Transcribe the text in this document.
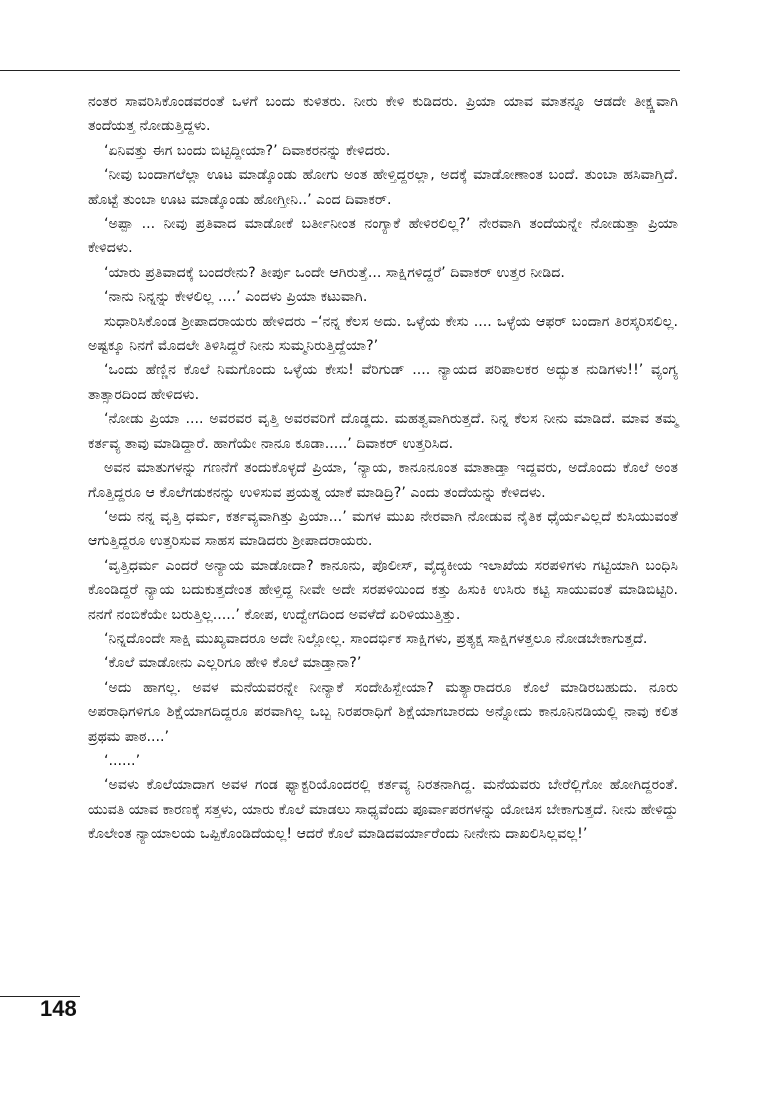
ನಂತರ ಸಾವರಿಸಿಕೊಂಡವರಂತೆ ಒಳಗೆ ಬಂದು ಕುಳಿತರು. ನೀರು ಕೇಳಿ ಕುಡಿದರು. ಪ್ರಿಯಾ ಯಾವ ಮಾತನ್ನೂ ಆಡದೇ ತೀಕ್ಷ್ಣವಾಗಿ ತಂದೆಯತ್ತ ನೋಡುತ್ತಿದ್ದಳು.

‘ಏನಿವತ್ತು ಈಗ ಬಂದು ಬಿಟ್ಟಿದ್ದೀಯಾ?’ ದಿವಾಕರನನ್ನು ಕೇಳಿದರು.

‘ನೀವು ಬಂದಾಗಲೆಲ್ಲಾ ಊಟ ಮಾಡ್ಕೊಂಡು ಹೋಗು ಅಂತ ಹೇಳ್ತಿದ್ದರಲ್ಲಾ, ಅದಕ್ಕೆ ಮಾಡೋಣಾಂತ ಬಂದೆ. ತುಂಬಾ ಹಸಿವಾಗ್ತಿದೆ. ಹೊಟ್ಟೆ ತುಂಬಾ ಊಟ ಮಾಡ್ಕೊಂಡು ಹೋಗ್ತೀನಿ..’ ಎಂದ ದಿವಾಕರ್.

‘ಅಪ್ಪಾ ... ನೀವು ಪ್ರತಿವಾದ ಮಾಡೋಕೆ ಬರ್ತೀನೀಂತ ನಂಗ್ಯಾಕೆ ಹೇಳಿರಲಿಲ್ಲ?’ ನೇರವಾಗಿ ತಂದೆಯನ್ನೇ ನೋಡುತ್ತಾ ಪ್ರಿಯಾ ಕೇಳಿದಳು.

‘ಯಾರು ಪ್ರತಿವಾದಕ್ಕೆ ಬಂದರೇನು? ತೀರ್ಪು ಒಂದೇ ಆಗಿರುತ್ತೆ... ಸಾಕ್ಷಿಗಳಿದ್ದರೆ’ ದಿವಾಕರ್ ಉತ್ತರ ನೀಡಿದ.

‘ನಾನು ನಿನ್ನನ್ನು ಕೇಳಲಿಲ್ಲ ....’ ಎಂದಳು ಪ್ರಿಯಾ ಕಟುವಾಗಿ.

ಸುಧಾರಿಸಿಕೊಂಡ ಶ್ರೀಪಾದರಾಯರು ಹೇಳಿದರು –‘ನನ್ನ ಕೆಲಸ ಅದು. ಒಳ್ಳೆಯ ಕೇಸು .... ಒಳ್ಳೆಯ ಆಫರ್ ಬಂದಾಗ ತಿರಸ್ಕರಿಸಲಿಲ್ಲ. ಅಷ್ಟಕ್ಕೂ ನಿನಗೆ ಮೊದಲೇ ತಿಳಿಸಿದ್ದರೆ ನೀನು ಸುಮ್ಮನಿರುತ್ತಿದ್ದೆಯಾ?’

‘ಒಂದು ಹೆಣ್ಣಿನ ಕೊಲೆ ನಿಮಗೊಂದು ಒಳ್ಳೆಯ ಕೇಸು! ವೆರಿಗುಡ್ .... ನ್ಯಾಯದ ಪರಿಪಾಲಕರ ಅದ್ಭುತ ನುಡಿಗಳು!!’ ವ್ಯಂಗ್ಯ ತಾತ್ಸಾರದಿಂದ ಹೇಳಿದಳು.

‘ನೋಡು ಪ್ರಿಯಾ .... ಅವರವರ ವೃತ್ತಿ ಅವರವರಿಗೆ ದೊಡ್ಡದು. ಮಹತ್ವವಾಗಿರುತ್ತದೆ. ನಿನ್ನ ಕೆಲಸ ನೀನು ಮಾಡಿದೆ. ಮಾವ ತಮ್ಮ ಕರ್ತವ್ಯ ತಾವು ಮಾಡಿದ್ದಾರೆ. ಹಾಗೆಯೇ ನಾನೂ ಕೂಡಾ.....’ ದಿವಾಕರ್ ಉತ್ತರಿಸಿದ.

ಅವನ ಮಾತುಗಳನ್ನು ಗಣನೆಗೆ ತಂದುಕೊಳ್ಳದೆ ಪ್ರಿಯಾ, ‘ನ್ಯಾಯ, ಕಾನೂನೂಂತ ಮಾತಾಡ್ತಾ ಇದ್ದವರು, ಅದೊಂದು ಕೊಲೆ ಅಂತ ಗೊತ್ತಿದ್ದರೂ ಆ ಕೊಲೆಗಡುಕನನ್ನು ಉಳಿಸುವ ಪ್ರಯತ್ನ ಯಾಕೆ ಮಾಡಿದ್ರಿ?’ ಎಂದು ತಂದೆಯನ್ನು ಕೇಳಿದಳು.

‘ಅದು ನನ್ನ ವೃತ್ತಿ ಧರ್ಮ, ಕರ್ತವ್ಯವಾಗಿತ್ತು ಪ್ರಿಯಾ...’ ಮಗಳ ಮುಖ ನೇರವಾಗಿ ನೋಡುವ ನೈತಿಕ ಧೈರ್ಯವಿಲ್ಲದೆ ಕುಸಿಯುವಂತೆ ಆಗುತ್ತಿದ್ದರೂ ಉತ್ತರಿಸುವ ಸಾಹಸ ಮಾಡಿದರು ಶ್ರೀಪಾದರಾಯರು.

‘ವೃತ್ತಿಧರ್ಮ ಎಂದರೆ ಅನ್ಯಾಯ ಮಾಡೋದಾ? ಕಾನೂನು, ಪೊಲೀಸ್, ವೈದ್ಯಕೀಯ ಇಲಾಖೆಯ ಸರಪಳಿಗಳು ಗಟ್ಟಿಯಾಗಿ ಬಂಧಿಸಿ ಕೊಂಡಿದ್ದರೆ ನ್ಯಾಯ ಬದುಕುತ್ತದೇಂತ ಹೇಳ್ತಿದ್ದ ನೀವೇ ಅದೇ ಸರಪಳಿಯಿಂದ ಕತ್ತು ಹಿಸುಕಿ ಉಸಿರು ಕಟ್ಟಿ ಸಾಯುವಂತೆ ಮಾಡಿಬಿಟ್ಟಿರಿ. ನನಗೆ ನಂಬಿಕೆಯೇ ಬರುತ್ತಿಲ್ಲ.....’ ಕೋಪ, ಉದ್ವೇಗದಿಂದ ಅವಳೆದೆ ಏರಿಳಿಯುತ್ತಿತ್ತು.

‘ನಿನ್ನದೊಂದೇ ಸಾಕ್ಷಿ ಮುಖ್ಯವಾದರೂ ಅದೇ ನಿಲ್ಲೋಲ್ಲ. ಸಾಂದರ್ಭಿಕ ಸಾಕ್ಷಿಗಳು, ಪ್ರತ್ಯಕ್ಷ ಸಾಕ್ಷಿಗಳತ್ತಲೂ ನೋಡಬೇಕಾಗುತ್ತದೆ.

‘ಕೊಲೆ ಮಾಡೋನು ಎಲ್ಲರಿಗೂ ಹೇಳಿ ಕೊಲೆ ಮಾಡ್ತಾನಾ?’

‘ಅದು ಹಾಗಲ್ಲ. ಅವಳ ಮನೆಯವರನ್ನೇ ನೀನ್ಯಾಕೆ ಸಂದೇಹಿಸ್ಬೇಯಾ? ಮತ್ಯಾರಾದರೂ ಕೊಲೆ ಮಾಡಿರಬಹುದು. ನೂರು ಅಪರಾಧಿಗಳಿಗೂ ಶಿಕ್ಷೆಯಾಗದಿದ್ದರೂ ಪರವಾಗಿಲ್ಲ ಒಬ್ಬ ನಿರಪರಾಧಿಗೆ ಶಿಕ್ಷೆಯಾಗಬಾರದು ಅನ್ನೋದು ಕಾನೂನಿನಡಿಯಲ್ಲಿ ನಾವು ಕಲಿತ ಪ್ರಥಮ ಪಾಠ....’

‘......’

‘ಅವಳು ಕೊಲೆಯಾದಾಗ ಅವಳ ಗಂಡ ಫ್ಯಾಕ್ಟರಿಯೊಂದರಲ್ಲಿ ಕರ್ತವ್ಯ ನಿರತನಾಗಿದ್ದ. ಮನೆಯವರು ಬೇರೆಲ್ಲಿಗೋ ಹೋಗಿದ್ದರಂತೆ. ಯುವತಿ ಯಾವ ಕಾರಣಕ್ಕೆ ಸತ್ತಳು, ಯಾರು ಕೊಲೆ ಮಾಡಲು ಸಾಧ್ಯವೆಂದು ಪೂರ್ವಾಪರಗಳನ್ನು ಯೋಚಿಸ ಬೇಕಾಗುತ್ತದೆ. ನೀನು ಹೇಳಿದ್ದು ಕೊಲೇಂತ ನ್ಯಾಯಾಲಯ ಒಪ್ಪಿಕೊಂಡಿದೆಯಲ್ಲ! ಆದರೆ ಕೊಲೆ ಮಾಡಿದವರ್ಯಾರೆಂದು ನೀನೇನು ದಾಖಲಿಸಿಲ್ಲವಲ್ಲ!’

148
